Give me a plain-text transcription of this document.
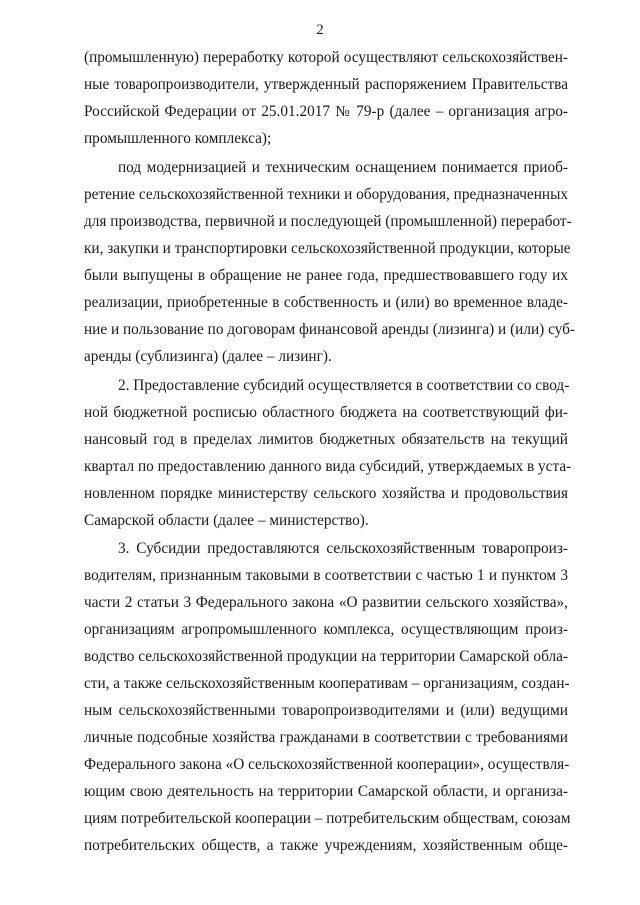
2
(промышленную) переработку которой осуществляют сельскохозяйствен-
ные товаропроизводители, утвержденный распоряжением Правительства
Российской Федерации от 25.01.2017 № 79-р (далее – организация агро-
промышленного комплекса);
под модернизацией и техническим оснащением понимается приоб-
ретение сельскохозяйственной техники и оборудования, предназначенных
для производства, первичной и последующей (промышленной) переработ-
ки, закупки и транспортировки сельскохозяйственной продукции, которые
были выпущены в обращение не ранее года, предшествовавшего году их
реализации, приобретенные в собственность и (или) во временное владе-
ние и пользование по договорам финансовой аренды (лизинга) и (или) суб-
аренды (сублизинга) (далее – лизинг).
2. Предоставление субсидий осуществляется в соответствии со свод-
ной бюджетной росписью областного бюджета на соответствующий фи-
нансовый год в пределах лимитов бюджетных обязательств на текущий
квартал по предоставлению данного вида субсидий, утверждаемых в уста-
новленном порядке министерству сельского хозяйства и продовольствия
Самарской области (далее – министерство).
3. Субсидии предоставляются сельскохозяйственным товаропроиз-
водителям, признанным таковыми в соответствии с частью 1 и пунктом 3
части 2 статьи 3 Федерального закона «О развитии сельского хозяйства»,
организациям агропромышленного комплекса, осуществляющим произ-
водство сельскохозяйственной продукции на территории Самарской обла-
сти, а также сельскохозяйственным кооперативам – организациям, создан-
ным сельскохозяйственными товаропроизводителями и (или) ведущими
личные подсобные хозяйства гражданами в соответствии с требованиями
Федерального закона «О сельскохозяйственной кооперации», осуществля-
ющим свою деятельность на территории Самарской области, и организа-
циям потребительской кооперации – потребительским обществам, союзам
потребительских обществ, а также учреждениям, хозяйственным обще-
